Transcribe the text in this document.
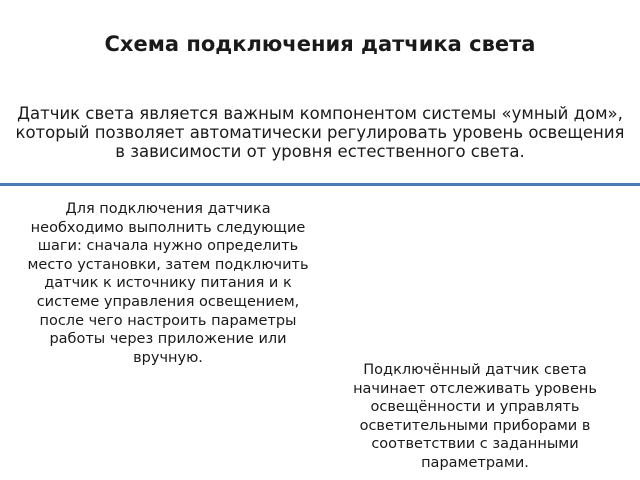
Схема подключения датчика света
Датчик света является важным компонентом системы «умный дом»,
который позволяет автоматически регулировать уровень освещения
в зависимости от уровня естественного света.
Для подключения датчика необходимо выполнить следующие шаги: сначала нужно определить место установки, затем подключить датчик к источнику питания и к системе управления освещением, после чего настроить параметры работы через приложение или вручную.
Подключённый датчик света начинает отслеживать уровень освещённости и управлять осветительными приборами в соответствии с заданными параметрами.
